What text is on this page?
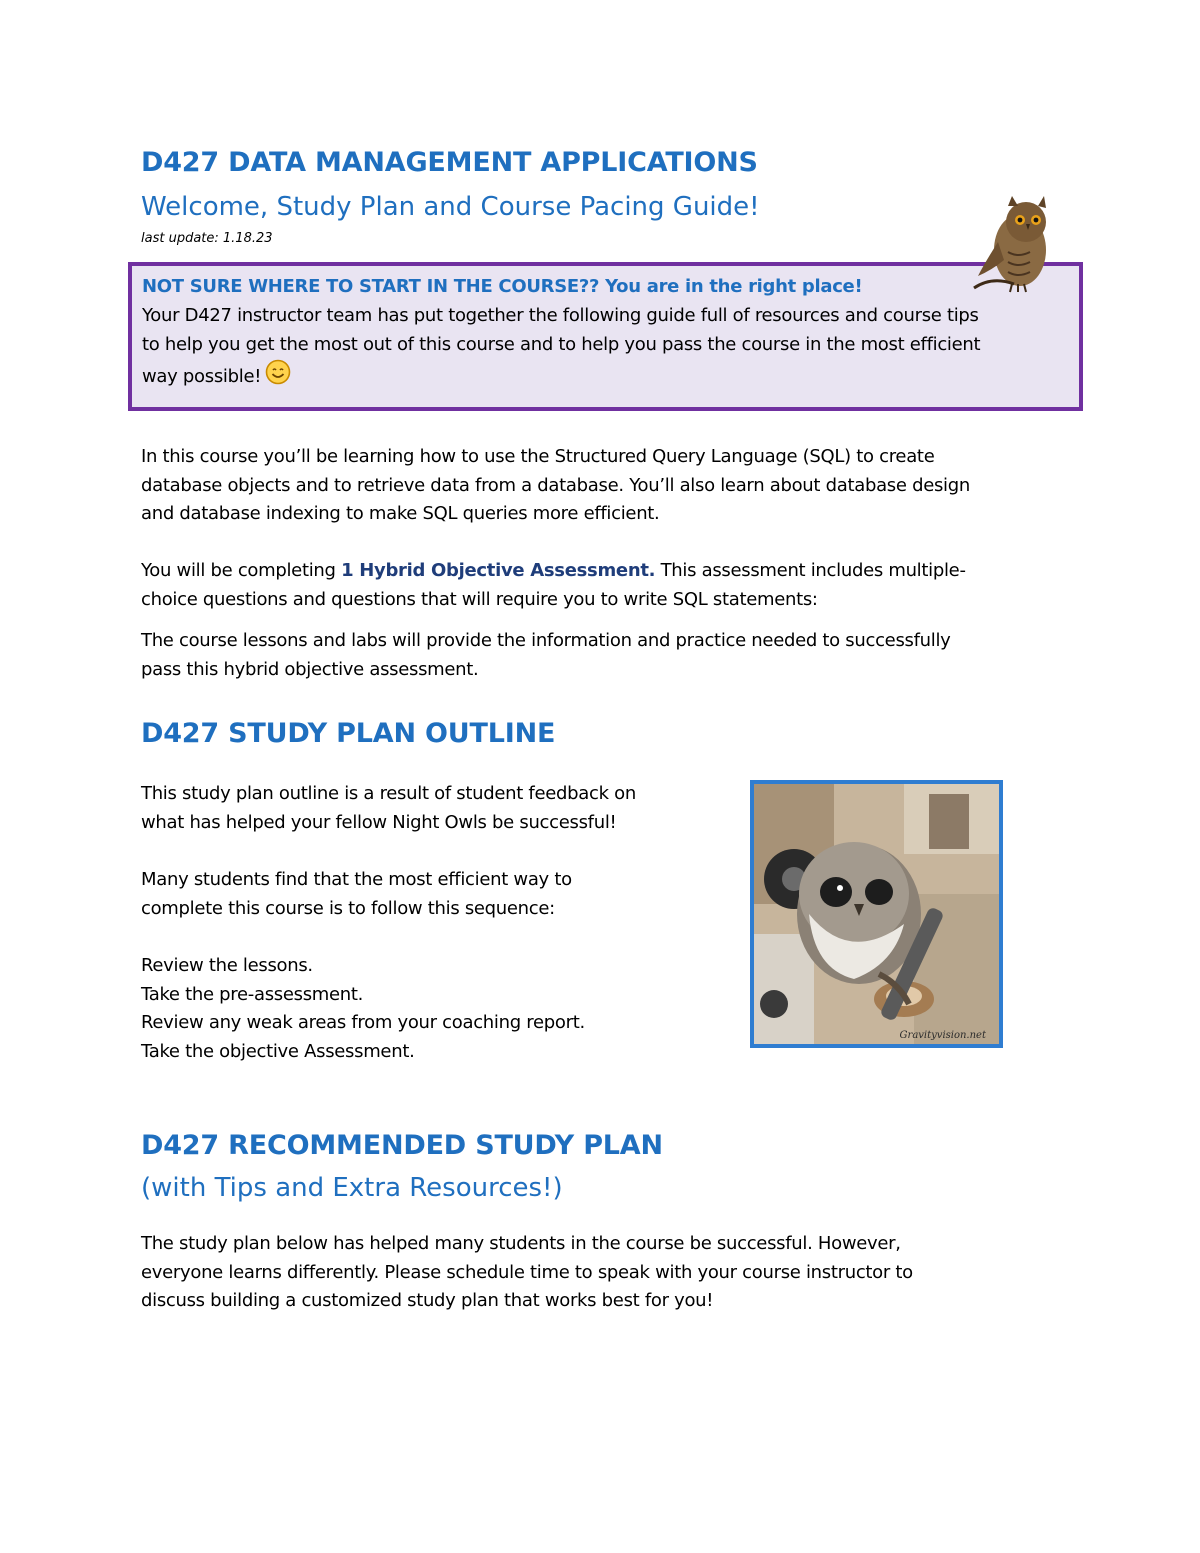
D427 DATA MANAGEMENT APPLICATIONS
Welcome, Study Plan and Course Pacing Guide!
last update: 1.18.23
NOT SURE WHERE TO START IN THE COURSE?? You are in the right place!
Your D427 instructor team has put together the following guide full of resources and course tips
to help you get the most out of this course and to help you pass the course in the most efficient
way possible!
In this course you’ll be learning how to use the Structured Query Language (SQL) to create
database objects and to retrieve data from a database. You’ll also learn about database design
and database indexing to make SQL queries more efficient.
You will be completing 1 Hybrid Objective Assessment. This assessment includes multiple-
choice questions and questions that will require you to write SQL statements:
The course lessons and labs will provide the information and practice needed to successfully
pass this hybrid objective assessment.
D427 STUDY PLAN OUTLINE
This study plan outline is a result of student feedback on
what has helped your fellow Night Owls be successful!
Many students find that the most efficient way to
complete this course is to follow this sequence:
Review the lessons.
Take the pre-assessment.
Review any weak areas from your coaching report.
Take the objective Assessment.
Gravityvision.net
D427 RECOMMENDED STUDY PLAN
(with Tips and Extra Resources!)
The study plan below has helped many students in the course be successful. However,
everyone learns differently. Please schedule time to speak with your course instructor to
discuss building a customized study plan that works best for you!
